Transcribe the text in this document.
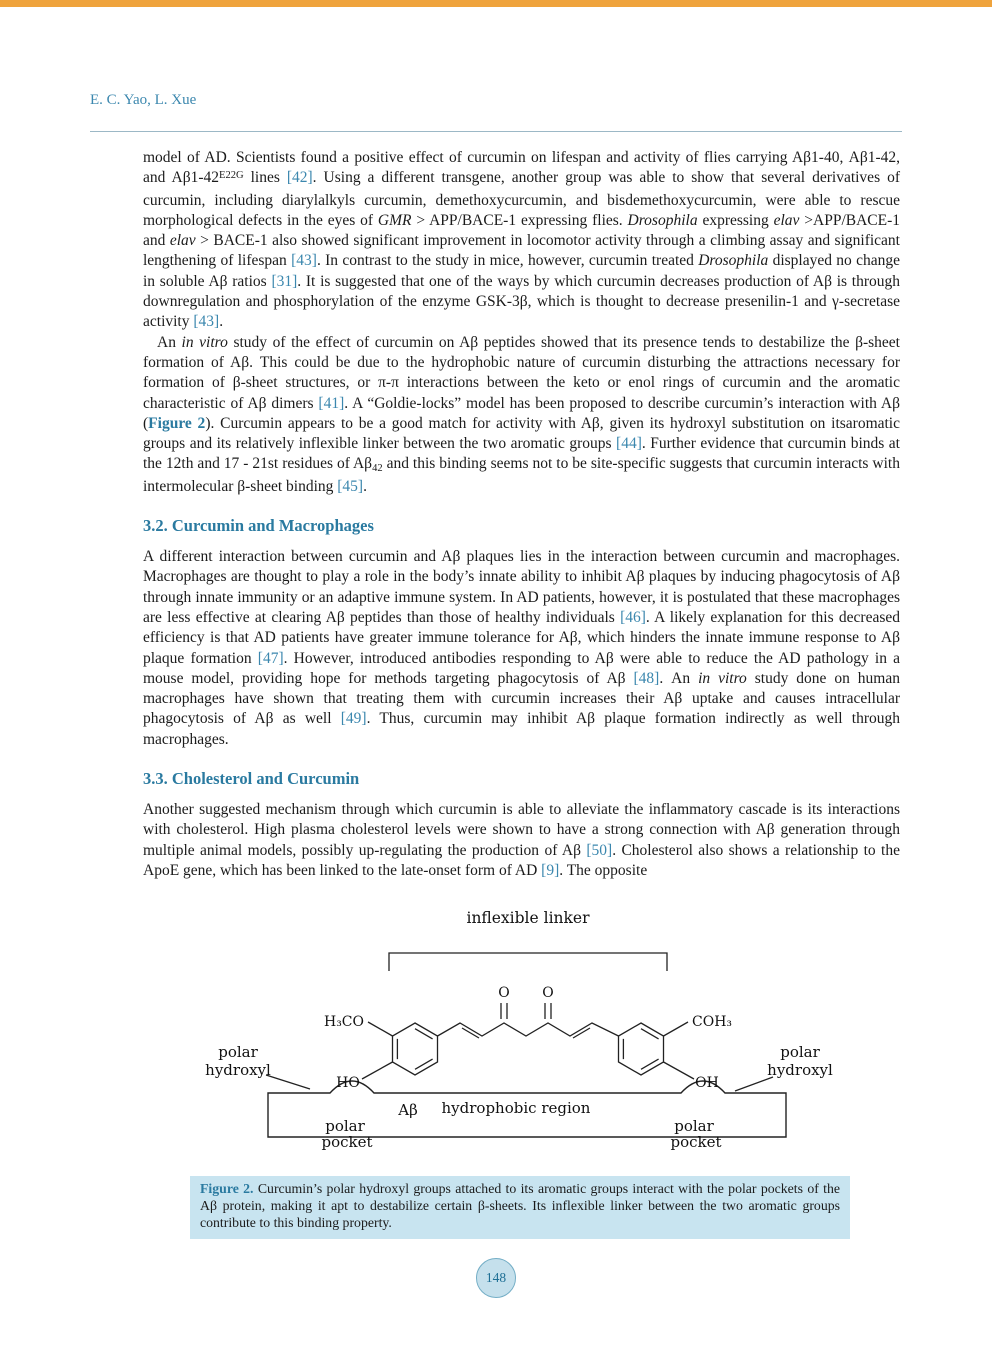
E. C. Yao, L. Xue

model of AD. Scientists found a positive effect of curcumin on lifespan and activity of flies carrying Aβ1-40, Aβ1-42, and $A\beta 1-42^{E22G}$ lines [42]. Using a different transgene, another group was able to show that several derivatives of curcumin, including diarylalkyls curcumin, demethoxycurcumin, and bisdemethoxycurcumin, were able to rescue morphological defects in the eyes of GMR > APP/BACE-1 expressing flies. Drosophila expressing elav >APP/BACE-1 and elav > BACE-1 also showed significant improvement in locomotor activity through a climbing assay and significant lengthening of lifespan [43]. In contrast to the study in mice, however, curcumin treated Drosophila displayed no change in soluble Aβ ratios [31]. It is suggested that one of the ways by which curcumin decreases production of Aβ is through downregulation and phosphorylation of the enzyme GSK-3β, which is thought to decrease presenilin-1 and γ-secretase activity [43].

An in vitro study of the effect of curcumin on Aβ peptides showed that its presence tends to destabilize the β-sheet formation of Aβ. This could be due to the hydrophobic nature of curcumin disturbing the attractions necessary for formation of β-sheet structures, or π-π interactions between the keto or enol rings of curcumin and the aromatic characteristic of Aβ dimers [41]. A “Goldie-locks” model has been proposed to describe curcumin’s interaction with Aβ (Figure 2). Curcumin appears to be a good match for activity with Aβ, given its hydroxyl substitution on itsaromatic groups and its relatively inflexible linker between the two aromatic groups [44]. Further evidence that curcumin binds at the 12th and 17 - 21st residues of Aβ42 and this binding seems not to be site-specific suggests that curcumin interacts with intermolecular β-sheet binding [45].

3.2. Curcumin and Macrophages

A different interaction between curcumin and Aβ plaques lies in the interaction between curcumin and macrophages. Macrophages are thought to play a role in the body’s innate ability to inhibit Aβ plaques by inducing phagocytosis of Aβ through innate immunity or an adaptive immune system. In AD patients, however, it is postulated that these macrophages are less effective at clearing Aβ peptides than those of healthy individuals [46]. A likely explanation for this decreased efficiency is that AD patients have greater immune tolerance for Aβ, which hinders the innate immune response to Aβ plaque formation [47]. However, introduced antibodies responding to Aβ were able to reduce the AD pathology in a mouse model, providing hope for methods targeting phagocytosis of Aβ [48]. An in vitro study done on human macrophages have shown that treating them with curcumin increases their Aβ uptake and causes intracellular phagocytosis of Aβ as well [49]. Thus, curcumin may inhibit Aβ plaque formation indirectly as well through macrophages.

3.3. Cholesterol and Curcumin

Another suggested mechanism through which curcumin is able to alleviate the inflammatory cascade is its interactions with cholesterol. High plasma cholesterol levels were shown to have a strong connection with Aβ generation through multiple animal models, possibly up-regulating the production of Aβ [50]. Cholesterol also shows a relationship to the ApoE gene, which has been linked to the late-onset form of AD [9]. The opposite

inflexible linker
O O
H₃CO	COH₃
HO	OH
polar
hydroxyl
polar
hydroxyl
Aβ hydrophobic region
polar
pocket
polar
pocket
Figure 2. Curcumin’s polar hydroxyl groups attached to its aromatic groups interact with the polar pockets of the Aβ protein, making it apt to destabilize certain β-sheets. Its inflexible linker between the two aromatic groups contribute to this binding property.
148
